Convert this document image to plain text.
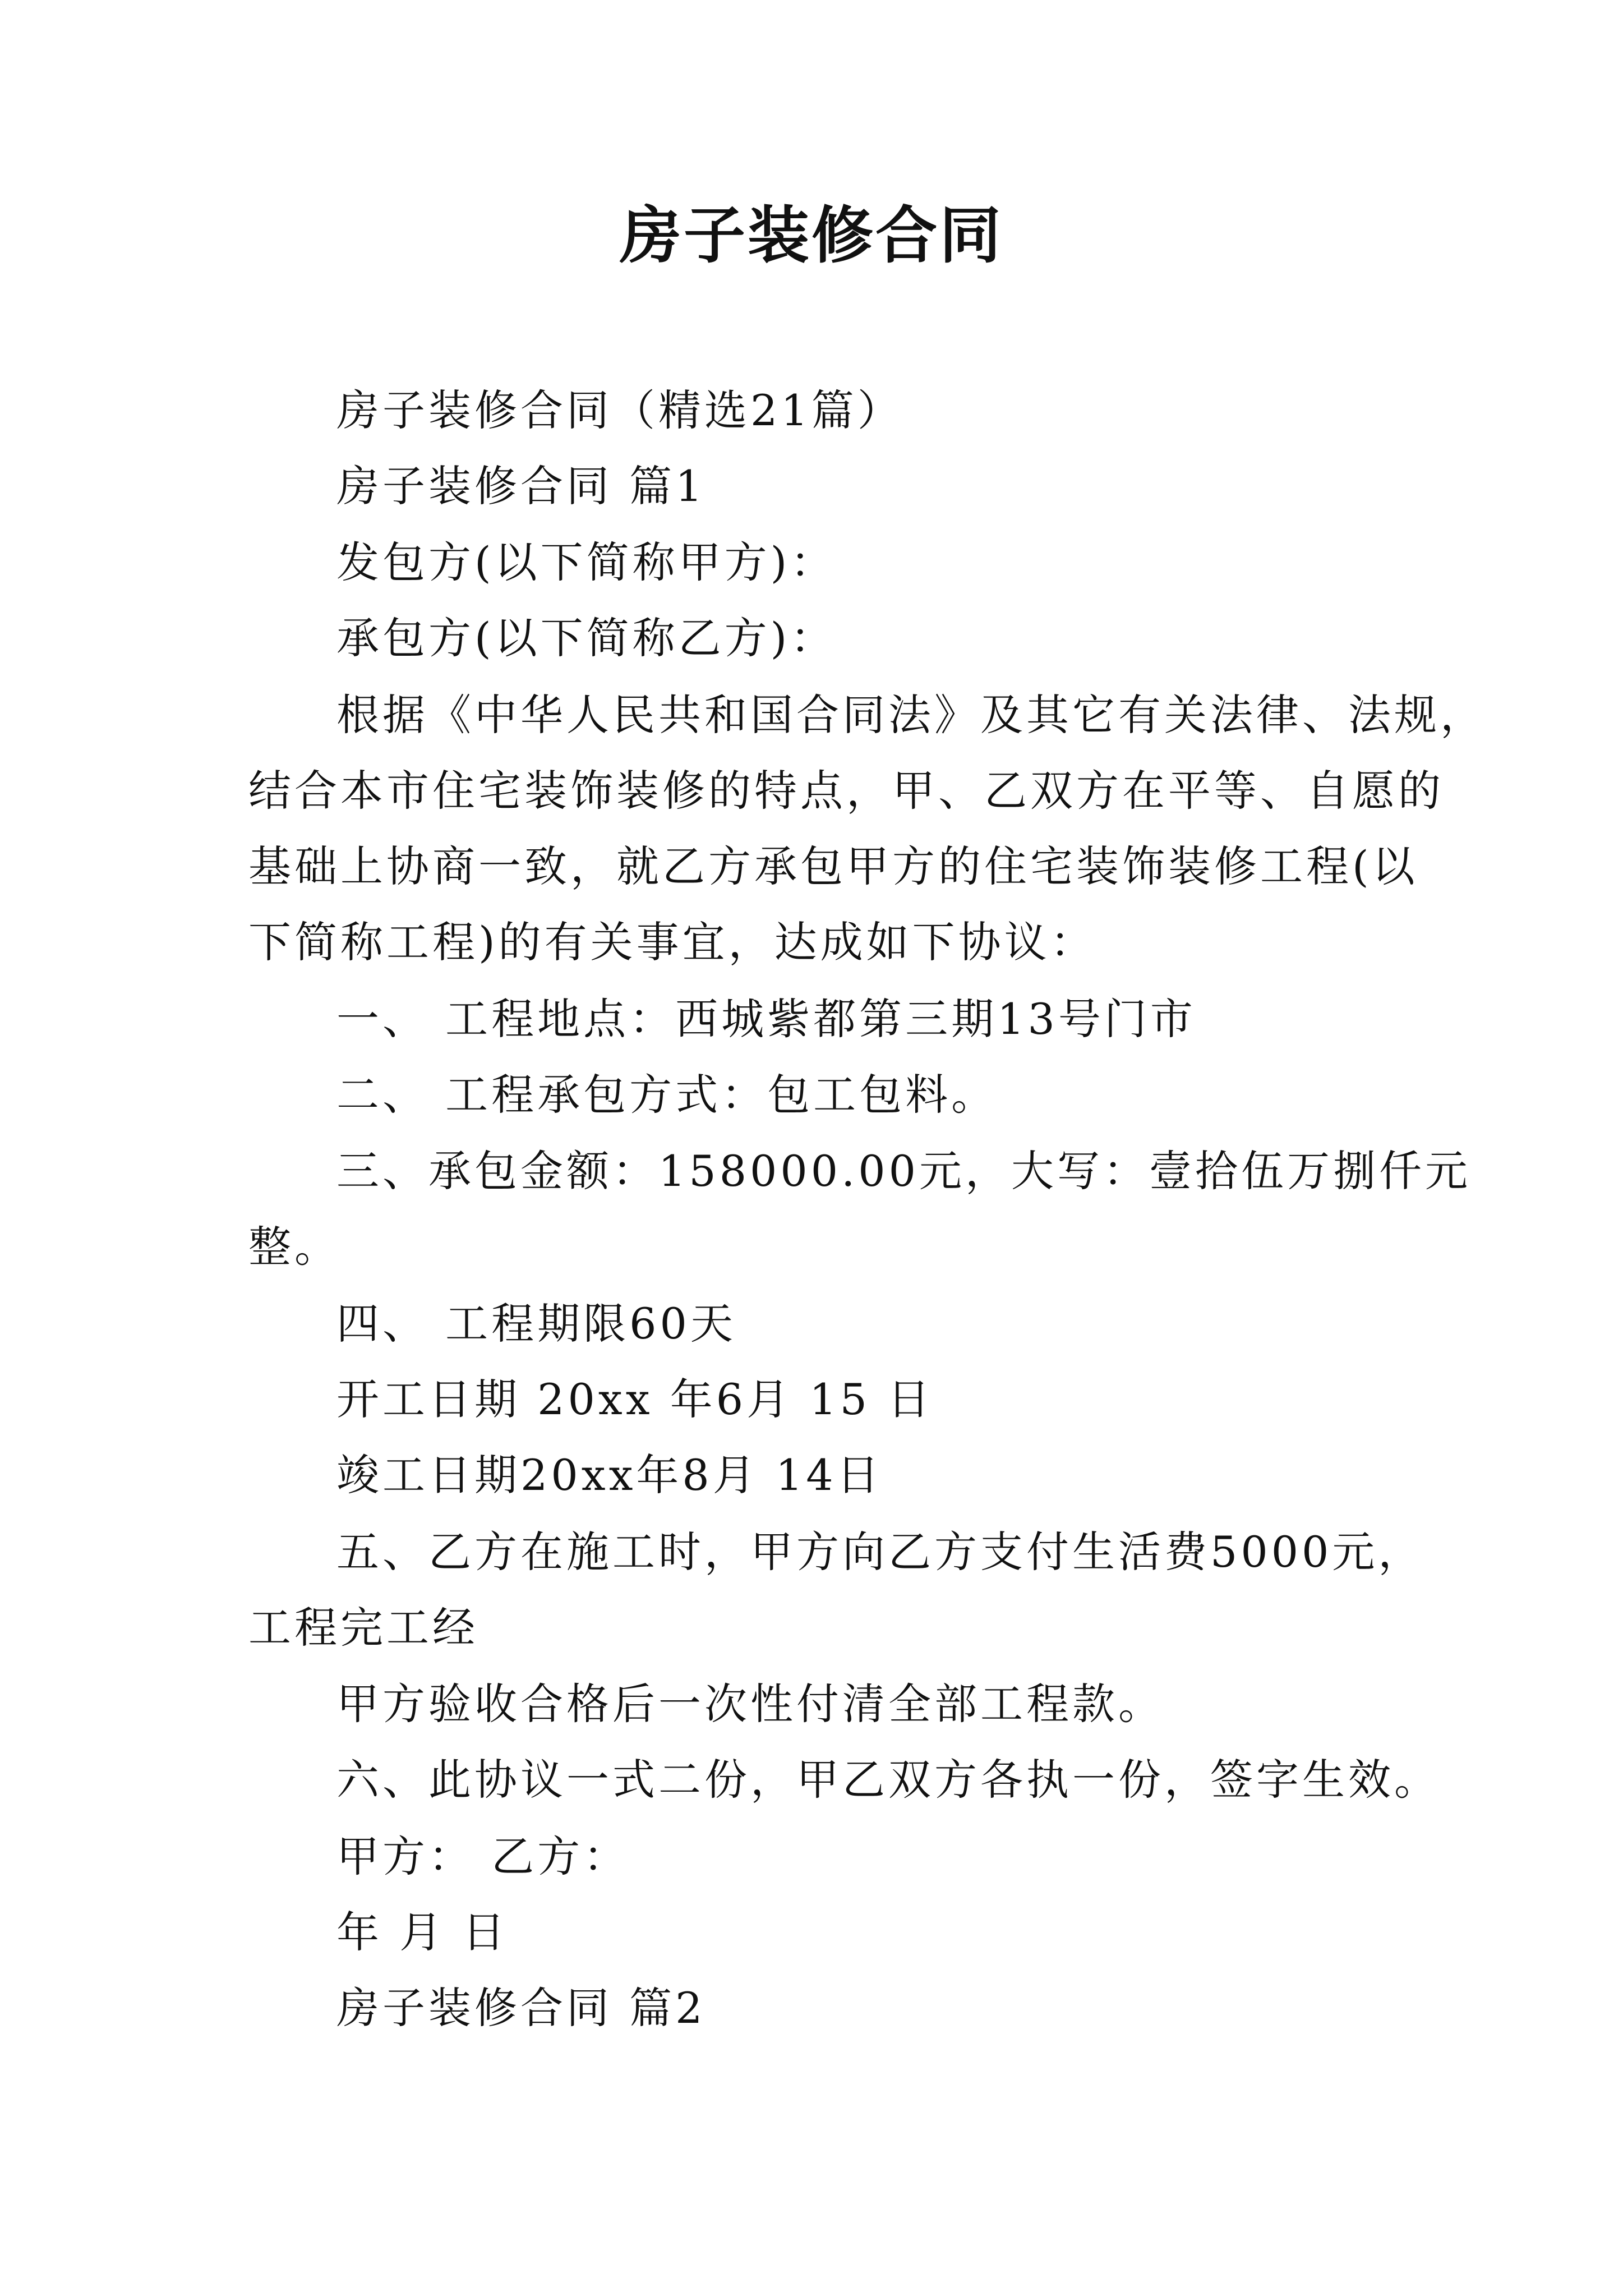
房子装修合同
房子装修合同（精选21篇）
房子装修合同 篇1
发包方(以下简称甲方)：
承包方(以下简称乙方)：
根据《中华人民共和国合同法》及其它有关法律、法规，
结合本市住宅装饰装修的特点，甲、乙双方在平等、自愿的
基础上协商一致，就乙方承包甲方的住宅装饰装修工程(以
下简称工程)的有关事宜，达成如下协议：
一、 工程地点：西城紫都第三期13号门市
二、 工程承包方式：包工包料。
三、承包金额：158000.00元，大写：壹拾伍万捌仟元
整。
四、 工程期限60天
开工日期 20xx 年6月 15 日
竣工日期20xx年8月 14日
五、乙方在施工时，甲方向乙方支付生活费5000元，
工程完工经
甲方验收合格后一次性付清全部工程款。
六、此协议一式二份，甲乙双方各执一份，签字生效。
甲方： 乙方：
年 月 日
房子装修合同 篇2
